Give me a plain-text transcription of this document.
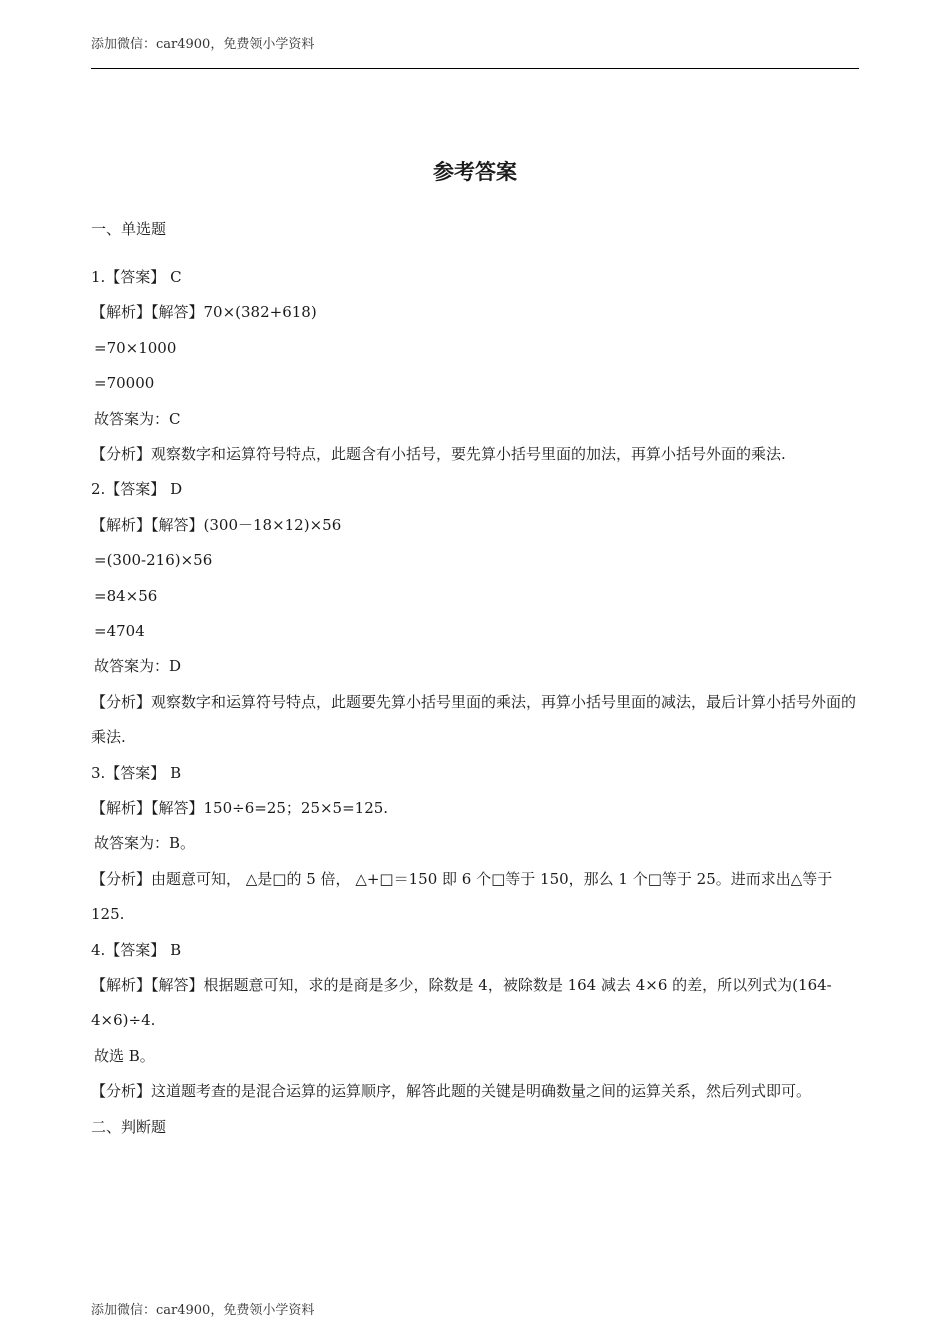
添加微信：car4900，免费领小学资料
参考答案
一、单选题
1.【答案】 C
【解析】【解答】70×(382+618)
=70×1000
=70000
故答案为：C
【分析】观察数字和运算符号特点，此题含有小括号，要先算小括号里面的加法，再算小括号外面的乘法.
2.【答案】 D
【解析】【解答】(300－18×12)×56
=(300-216)×56
=84×56
=4704
故答案为：D
【分析】观察数字和运算符号特点，此题要先算小括号里面的乘法，再算小括号里面的减法，最后计算小括号外面的乘法.
3.【答案】 B
【解析】【解答】150÷6=25；25×5=125.
故答案为：B。
【分析】由题意可知， △是□的 5 倍， △+□＝150 即 6 个□等于 150，那么 1 个□等于 25。进而求出△等于 125.
4.【答案】 B
【解析】【解答】根据题意可知，求的是商是多少，除数是 4，被除数是 164 减去 4×6 的差，所以列式为(164-4×6)÷4.
故选 B。
【分析】这道题考查的是混合运算的运算顺序，解答此题的关键是明确数量之间的运算关系，然后列式即可。
二、判断题
添加微信：car4900，免费领小学资料
